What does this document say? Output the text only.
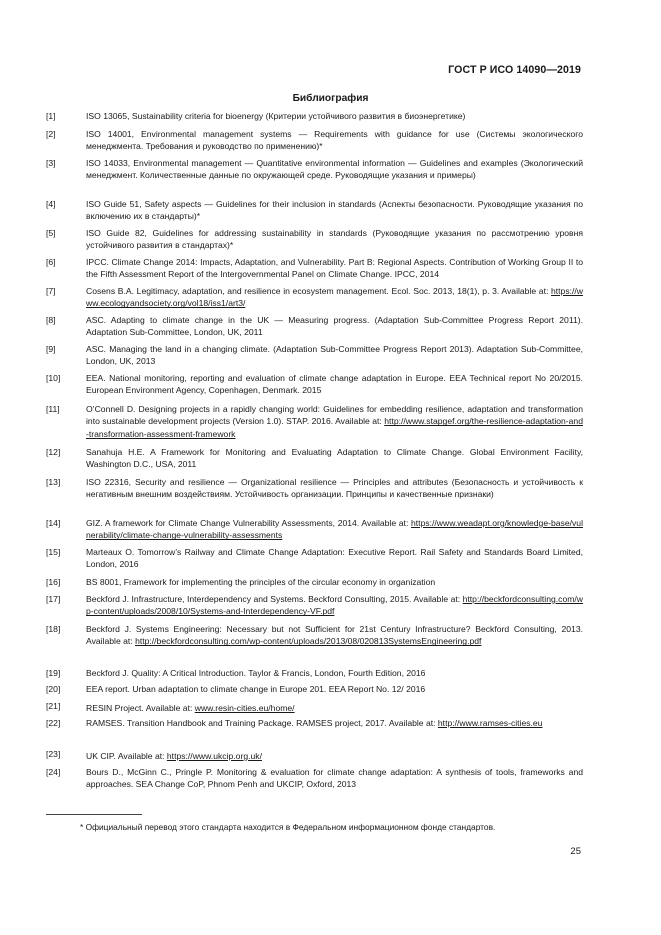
ГОСТ Р ИСО 14090—2019
Библиография
[1]	ISO 13065, Sustainability criteria for bioenergy (Критерии устойчивого развития в биоэнергетике)
[2]	ISO 14001, Environmental management systems — Requirements with guidance for use (Системы экологического менеджмента. Требования и руководство по применению)*
[3]	ISO 14033, Environmental management — Quantitative environmental information — Guidelines and examples (Экологический менеджмент. Количественные данные по окружающей среде. Руководящие указания и примеры)
[4]	ISO Guide 51, Safety aspects — Guidelines for their inclusion in standards (Аспекты безопасности. Руководящие указания по включению их в стандарты)*
[5]	ISO Guide 82, Guidelines for addressing sustainability in standards (Руководящие указания по рассмотрению уровня устойчивого развития в стандартах)*
[6]	IPCC. Climate Change 2014: Impacts, Adaptation, and Vulnerability. Part B: Regional Aspects. Contribution of Working Group II to the Fifth Assessment Report of the Intergovernmental Panel on Climate Change. IPCC, 2014
[7]	Cosens B.A. Legitimacy, adaptation, and resilience in ecosystem management. Ecol. Soc. 2013, 18(1), p. 3. Available at: https://www.ecologyandsociety.org/vol18/iss1/art3/
[8]	ASC. Adapting to climate change in the UK — Measuring progress. (Adaptation Sub-Committee Progress Report 2011). Adaptation Sub-Committee, London, UK, 2011
[9]	ASC. Managing the land in a changing climate. (Adaptation Sub-Committee Progress Report 2013). Adaptation Sub-Committee, London, UK, 2013
[10]	EEA. National monitoring, reporting and evaluation of climate change adaptation in Europe. EEA Technical report No 20/2015. European Environment Agency, Copenhagen, Denmark. 2015
[11]	O’Connell D. Designing projects in a rapidly changing world: Guidelines for embedding resilience, adaptation and transformation into sustainable development projects (Version 1.0). STAP. 2016. Available at: http://www.stapgef.org/the-resilience-adaptation-and-transformation-assessment-framework
[12]	Sanahuja H.E. A Framework for Monitoring and Evaluating Adaptation to Climate Change. Global Environment Facility, Washington D.C., USA, 2011
[13]	ISO 22316, Security and resilience — Organizational resilience — Principles and attributes (Безопасность и устойчивость к негативным внешним воздействиям. Устойчивость организации. Принципы и качественные признаки)
[14]	GIZ. A framework for Climate Change Vulnerability Assessments, 2014. Available at: https://www.weadapt.org/knowledge-base/vulnerability/climate-change-vulnerability-assessments
[15]	Marteaux O. Tomorrow’s Railway and Climate Change Adaptation: Executive Report. Rail Safety and Standards Board Limited, London, 2016
[16]	BS 8001, Framework for implementing the principles of the circular economy in organization
[17]	Beckford J. Infrastructure, Interdependency and Systems. Beckford Consulting, 2015. Available at: http://beckfordconsulting.com/wp-content/uploads/2008/10/Systems-and-Interdependency-VF.pdf
[18]	Beckford J. Systems Engineering: Necessary but not Sufficient for 21st Century Infrastructure? Beckford Consulting, 2013. Available at: http://beckfordconsulting.com/wp-content/uploads/2013/08/020813SystemsEngineering.pdf
[19]	Beckford J. Quality: A Critical Introduction. Taylor & Francis, London, Fourth Edition, 2016
[20]	EEA report. Urban adaptation to climate change in Europe 201. EEA Report No. 12/ 2016
[21]	RESIN Project. Available at: www.resin-cities.eu/home/
[22]	RAMSES. Transition Handbook and Training Package. RAMSES project, 2017. Available at: http://www.ramses-cities.eu
[23]	UK CIP. Available at: https://www.ukcip.org.uk/
[24]	Bours D., McGinn C., Pringle P. Monitoring & evaluation for climate change adaptation: A synthesis of tools, frameworks and approaches. SEA Change CoP, Phnom Penh and UKCIP, Oxford, 2013
* Официальный перевод этого стандарта находится в Федеральном информационном фонде стандартов.
25
